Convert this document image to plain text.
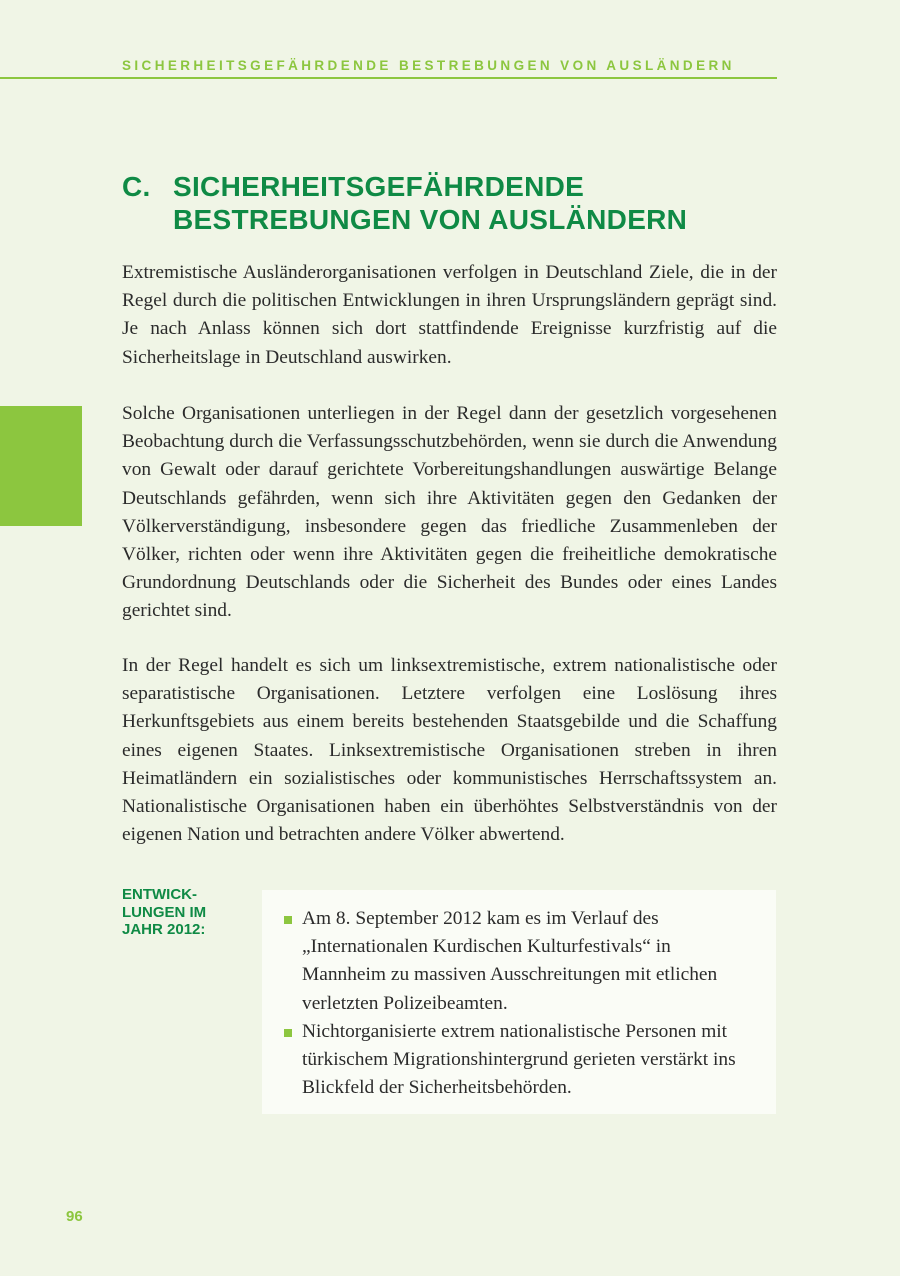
SICHERHEITSGEFÄHRDENDE BESTREBUNGEN VON AUSLÄNDERN
C. SICHERHEITSGEFÄHRDENDE
BESTREBUNGEN VON AUSLÄNDERN

Extremistische Ausländerorganisationen verfolgen in Deutschland Ziele, die in der Regel durch die politischen Entwicklungen in ihren Ursprungsländern geprägt sind. Je nach Anlass können sich dort stattfindende Ereignisse kurzfristig auf die Sicherheitslage in Deutschland auswirken.

Solche Organisationen unterliegen in der Regel dann der gesetzlich vorgesehenen Beobachtung durch die Verfassungsschutzbehörden, wenn sie durch die Anwendung von Gewalt oder darauf gerichtete Vorbereitungshandlungen auswärtige Belange Deutschlands gefährden, wenn sich ihre Aktivitäten gegen den Gedanken der Völkerverständigung, insbesondere gegen das friedliche Zusammenleben der Völker, richten oder wenn ihre Aktivitäten gegen die freiheitliche demokratische Grundordnung Deutschlands oder die Sicherheit des Bundes oder eines Landes gerichtet sind.

In der Regel handelt es sich um linksextremistische, extrem nationalistische oder separatistische Organisationen. Letztere verfolgen eine Loslösung ihres Herkunftsgebiets aus einem bereits bestehenden Staatsgebilde und die Schaffung eines eigenen Staates. Linksextremistische Organisationen streben in ihren Heimatländern ein sozialistisches oder kommunistisches Herrschaftssystem an. Nationalistische Organisationen haben ein überhöhtes Selbstverständnis von der eigenen Nation und betrachten andere Völker abwertend.

ENTWICK-
LUNGEN IM
JAHR 2012:
Am 8. September 2012 kam es im Verlauf des „Internationalen Kurdischen Kulturfestivals“ in Mannheim zu massiven Ausschreitungen mit etlichen verletzten Polizeibeamten.
Nichtorganisierte extrem nationalistische Personen mit türkischem Migrationshintergrund gerieten verstärkt ins Blickfeld der Sicherheitsbehörden.
96
